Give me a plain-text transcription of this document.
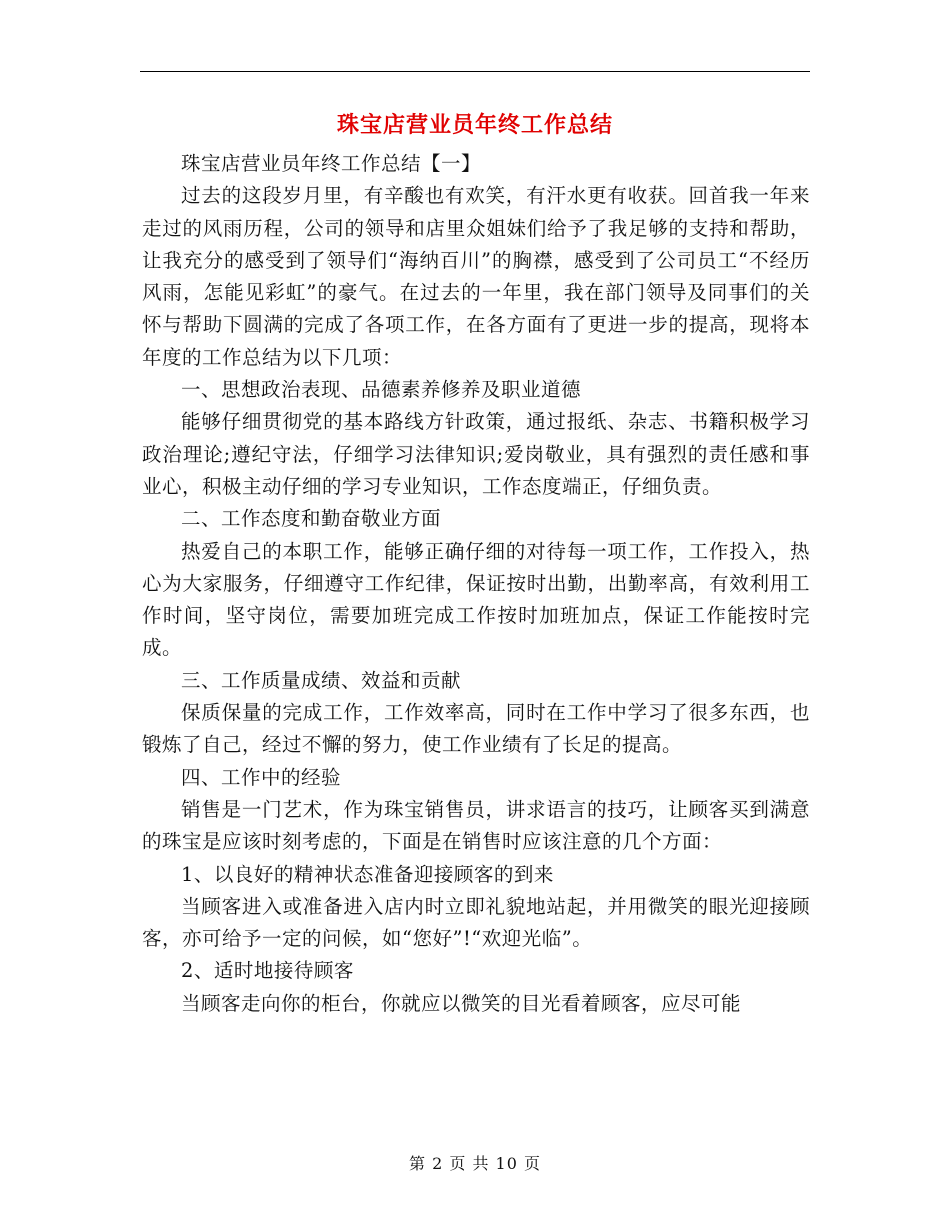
珠宝店营业员年终工作总结

珠宝店营业员年终工作总结【一】

过去的这段岁月里，有辛酸也有欢笑，有汗水更有收获。回首我一年来走过的风雨历程，公司的领导和店里众姐妹们给予了我足够的支持和帮助，让我充分的感受到了领导们“海纳百川”的胸襟，感受到了公司员工“不经历风雨，怎能见彩虹”的豪气。在过去的一年里，我在部门领导及同事们的关怀与帮助下圆满的完成了各项工作，在各方面有了更进一步的提高，现将本年度的工作总结为以下几项：

一、思想政治表现、品德素养修养及职业道德

能够仔细贯彻党的基本路线方针政策，通过报纸、杂志、书籍积极学习政治理论;遵纪守法，仔细学习法律知识;爱岗敬业，具有强烈的责任感和事业心，积极主动仔细的学习专业知识，工作态度端正，仔细负责。

二、工作态度和勤奋敬业方面

热爱自己的本职工作，能够正确仔细的对待每一项工作，工作投入，热心为大家服务，仔细遵守工作纪律，保证按时出勤，出勤率高，有效利用工作时间，坚守岗位，需要加班完成工作按时加班加点，保证工作能按时完成。

三、工作质量成绩、效益和贡献

保质保量的完成工作，工作效率高，同时在工作中学习了很多东西，也锻炼了自己，经过不懈的努力，使工作业绩有了长足的提高。

四、工作中的经验

销售是一门艺术，作为珠宝销售员，讲求语言的技巧，让顾客买到满意的珠宝是应该时刻考虑的，下面是在销售时应该注意的几个方面：

1、以良好的精神状态准备迎接顾客的到来

当顾客进入或准备进入店内时立即礼貌地站起，并用微笑的眼光迎接顾客，亦可给予一定的问候，如“您好”!“欢迎光临”。

2、适时地接待顾客

当顾客走向你的柜台，你就应以微笑的目光看着顾客，应尽可能

第 2 页 共 10 页
